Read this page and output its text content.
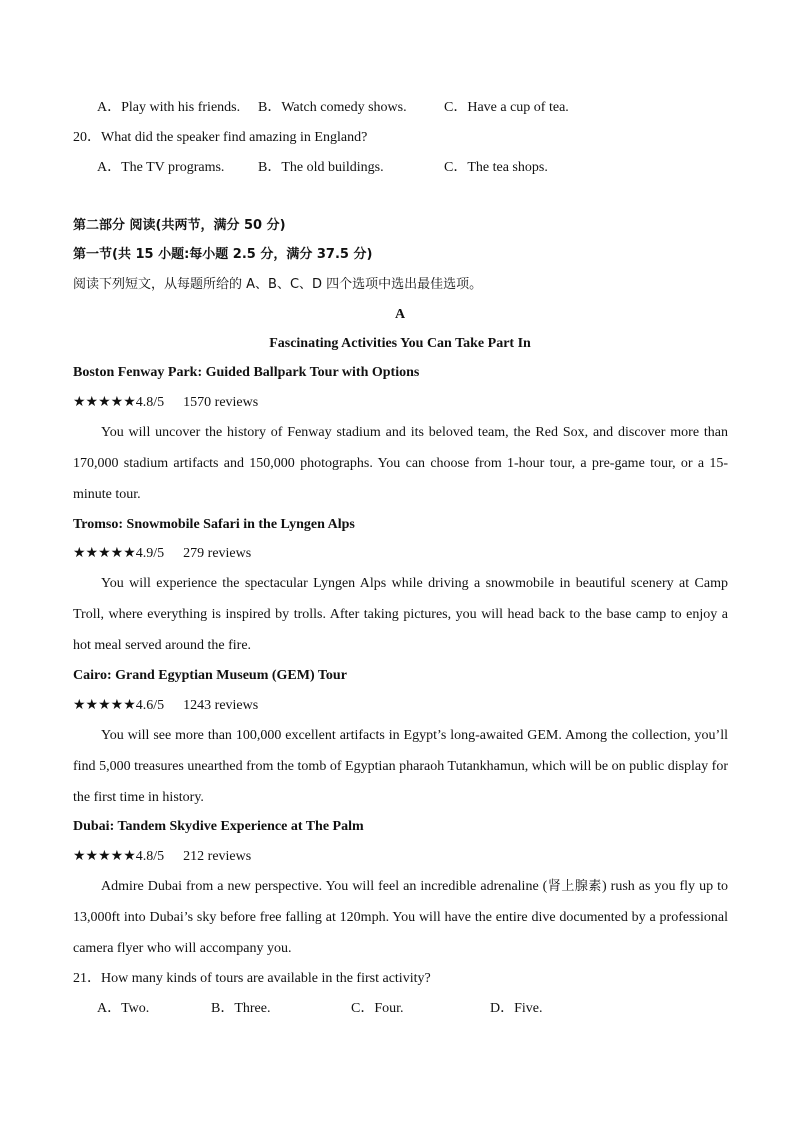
A．Play with his friends. B．Watch comedy shows.	C．Have a cup of tea.
20．What did the speaker find amazing in England?
A．The TV programs. B．The old buildings.	C．The tea shops.
第二部分 阅读(共两节，满分 50 分)
第一节(共 15 小题:每小题 2.5 分，满分 37.5 分)
阅读下列短文，从每题所给的 A、B、C、D 四个选项中选出最佳选项。
A
Fascinating Activities You Can Take Part In
Boston Fenway Park: Guided Ballpark Tour with Options
★★★★★4.8/5 1570 reviews
You will uncover the history of Fenway stadium and its beloved team, the Red Sox, and discover more than 170,000 stadium artifacts and 150,000 photographs. You can choose from 1-hour tour, a pre-game tour, or a 15-minute tour.
Tromso: Snowmobile Safari in the Lyngen Alps
★★★★★4.9/5 279 reviews
You will experience the spectacular Lyngen Alps while driving a snowmobile in beautiful scenery at Camp Troll, where everything is inspired by trolls. After taking pictures, you will head back to the base camp to enjoy a hot meal served around the fire.
Cairo: Grand Egyptian Museum (GEM) Tour
★★★★★4.6/5 1243 reviews
You will see more than 100,000 excellent artifacts in Egypt’s long-awaited GEM. Among the collection, you’ll find 5,000 treasures unearthed from the tomb of Egyptian pharaoh Tutankhamun, which will be on public display for the first time in history.
Dubai: Tandem Skydive Experience at The Palm
★★★★★4.8/5 212 reviews
Admire Dubai from a new perspective. You will feel an incredible adrenaline (肾上腺素) rush as you fly up to 13,000ft into Dubai’s sky before free falling at 120mph. You will have the entire dive documented by a professional camera flyer who will accompany you.
21．How many kinds of tours are available in the first activity?
A．Two.	B．Three.	C．Four.	D．Five.
